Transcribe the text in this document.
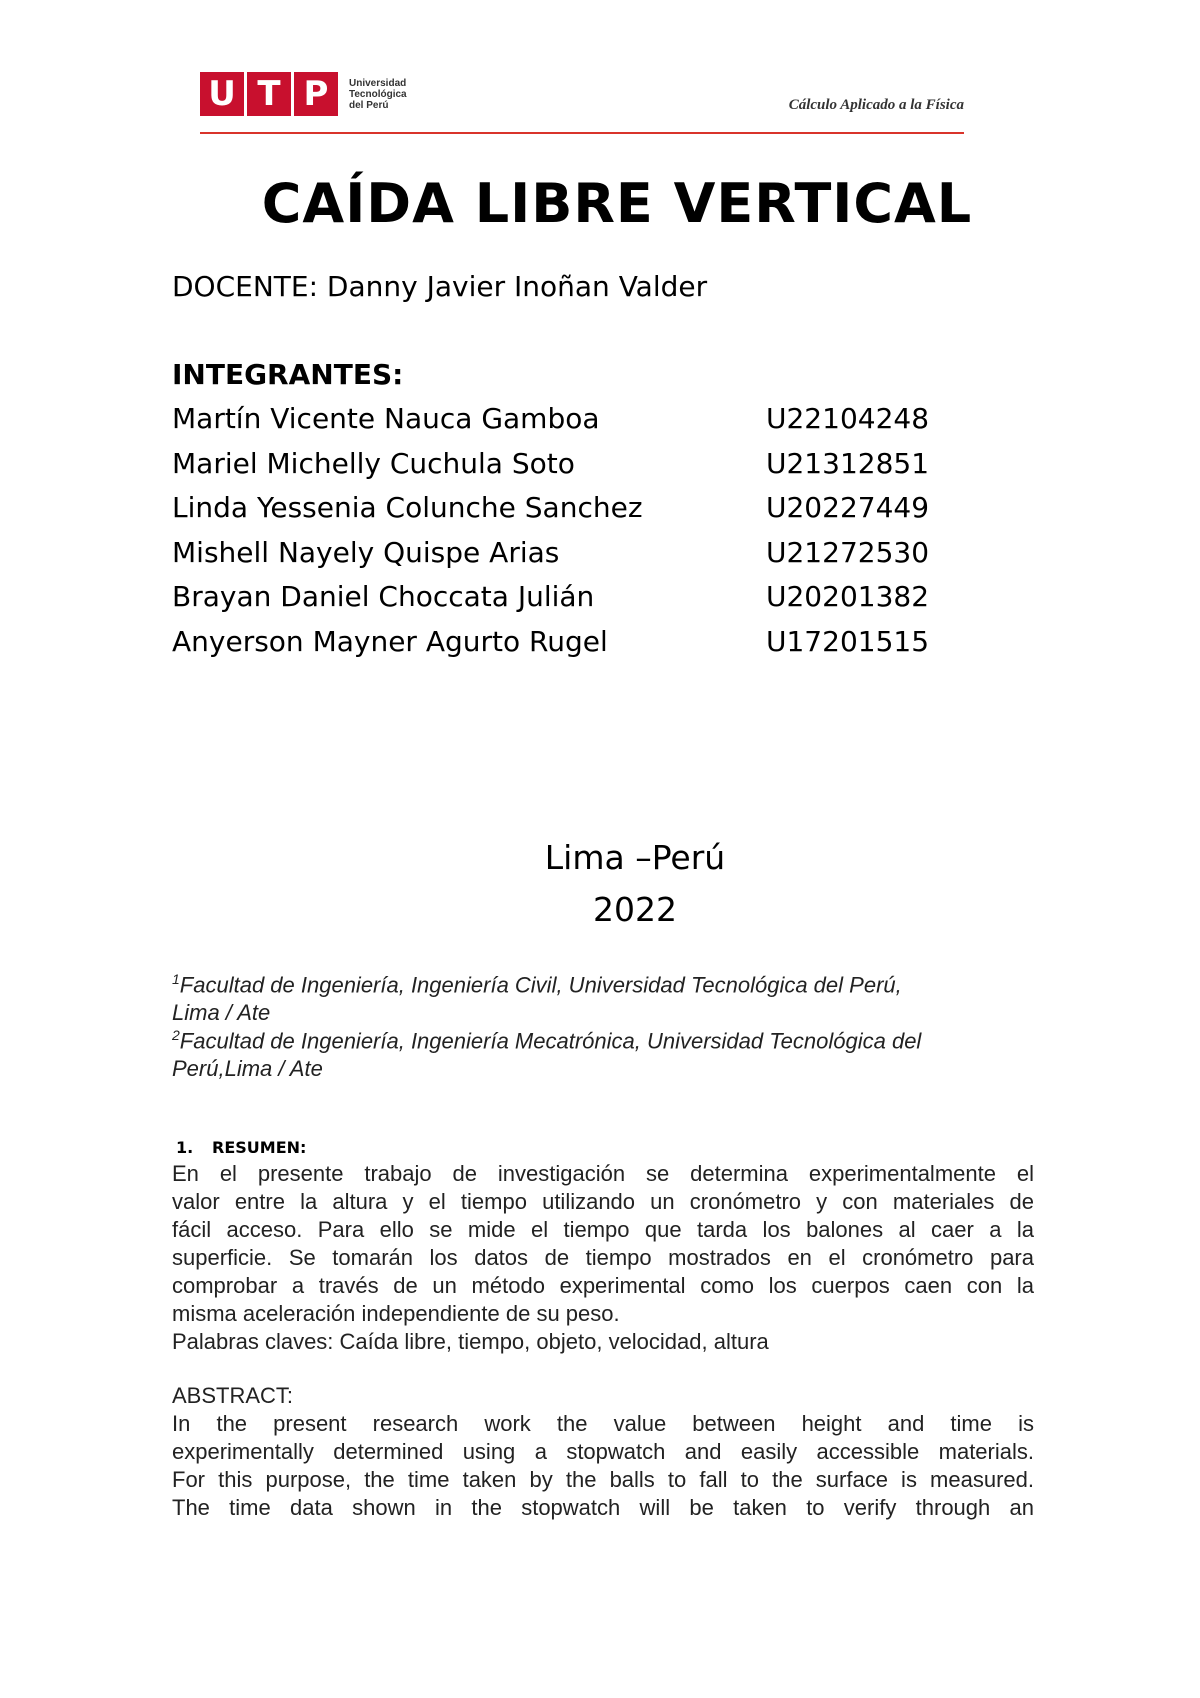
U T P	Universidad
Tecnológica
del Perú	Cálculo Aplicado a la Física
CAÍDA LIBRE VERTICAL
DOCENTE: Danny Javier Inoñan Valder
INTEGRANTES:
Martín Vicente Nauca Gamboa	U22104248
Mariel Michelly Cuchula Soto	U21312851
Linda Yessenia Colunche Sanchez	U20227449
Mishell Nayely Quispe Arias	U21272530
Brayan Daniel Choccata Julián	U20201382
Anyerson Mayner Agurto Rugel	U17201515
Lima –Perú
2022
$^1$Facultad de Ingeniería, Ingeniería Civil, Universidad Tecnológica del Perú,
Lima / Ate
$^2$Facultad de Ingeniería, Ingeniería Mecatrónica, Universidad Tecnológica del
Perú,Lima / Ate
1. RESUMEN:
En el presente trabajo de investigación se determina experimentalmente el
valor entre la altura y el tiempo utilizando un cronómetro y con materiales de
fácil acceso. Para ello se mide el tiempo que tarda los balones al caer a la
superficie. Se tomarán los datos de tiempo mostrados en el cronómetro para
comprobar a través de un método experimental como los cuerpos caen con la
misma aceleración independiente de su peso.
Palabras claves: Caída libre, tiempo, objeto, velocidad, altura
ABSTRACT:
In the present research work the value between height and time is
experimentally determined using a stopwatch and easily accessible materials.
For this purpose, the time taken by the balls to fall to the surface is measured.
The time data shown in the stopwatch will be taken to verify through an
